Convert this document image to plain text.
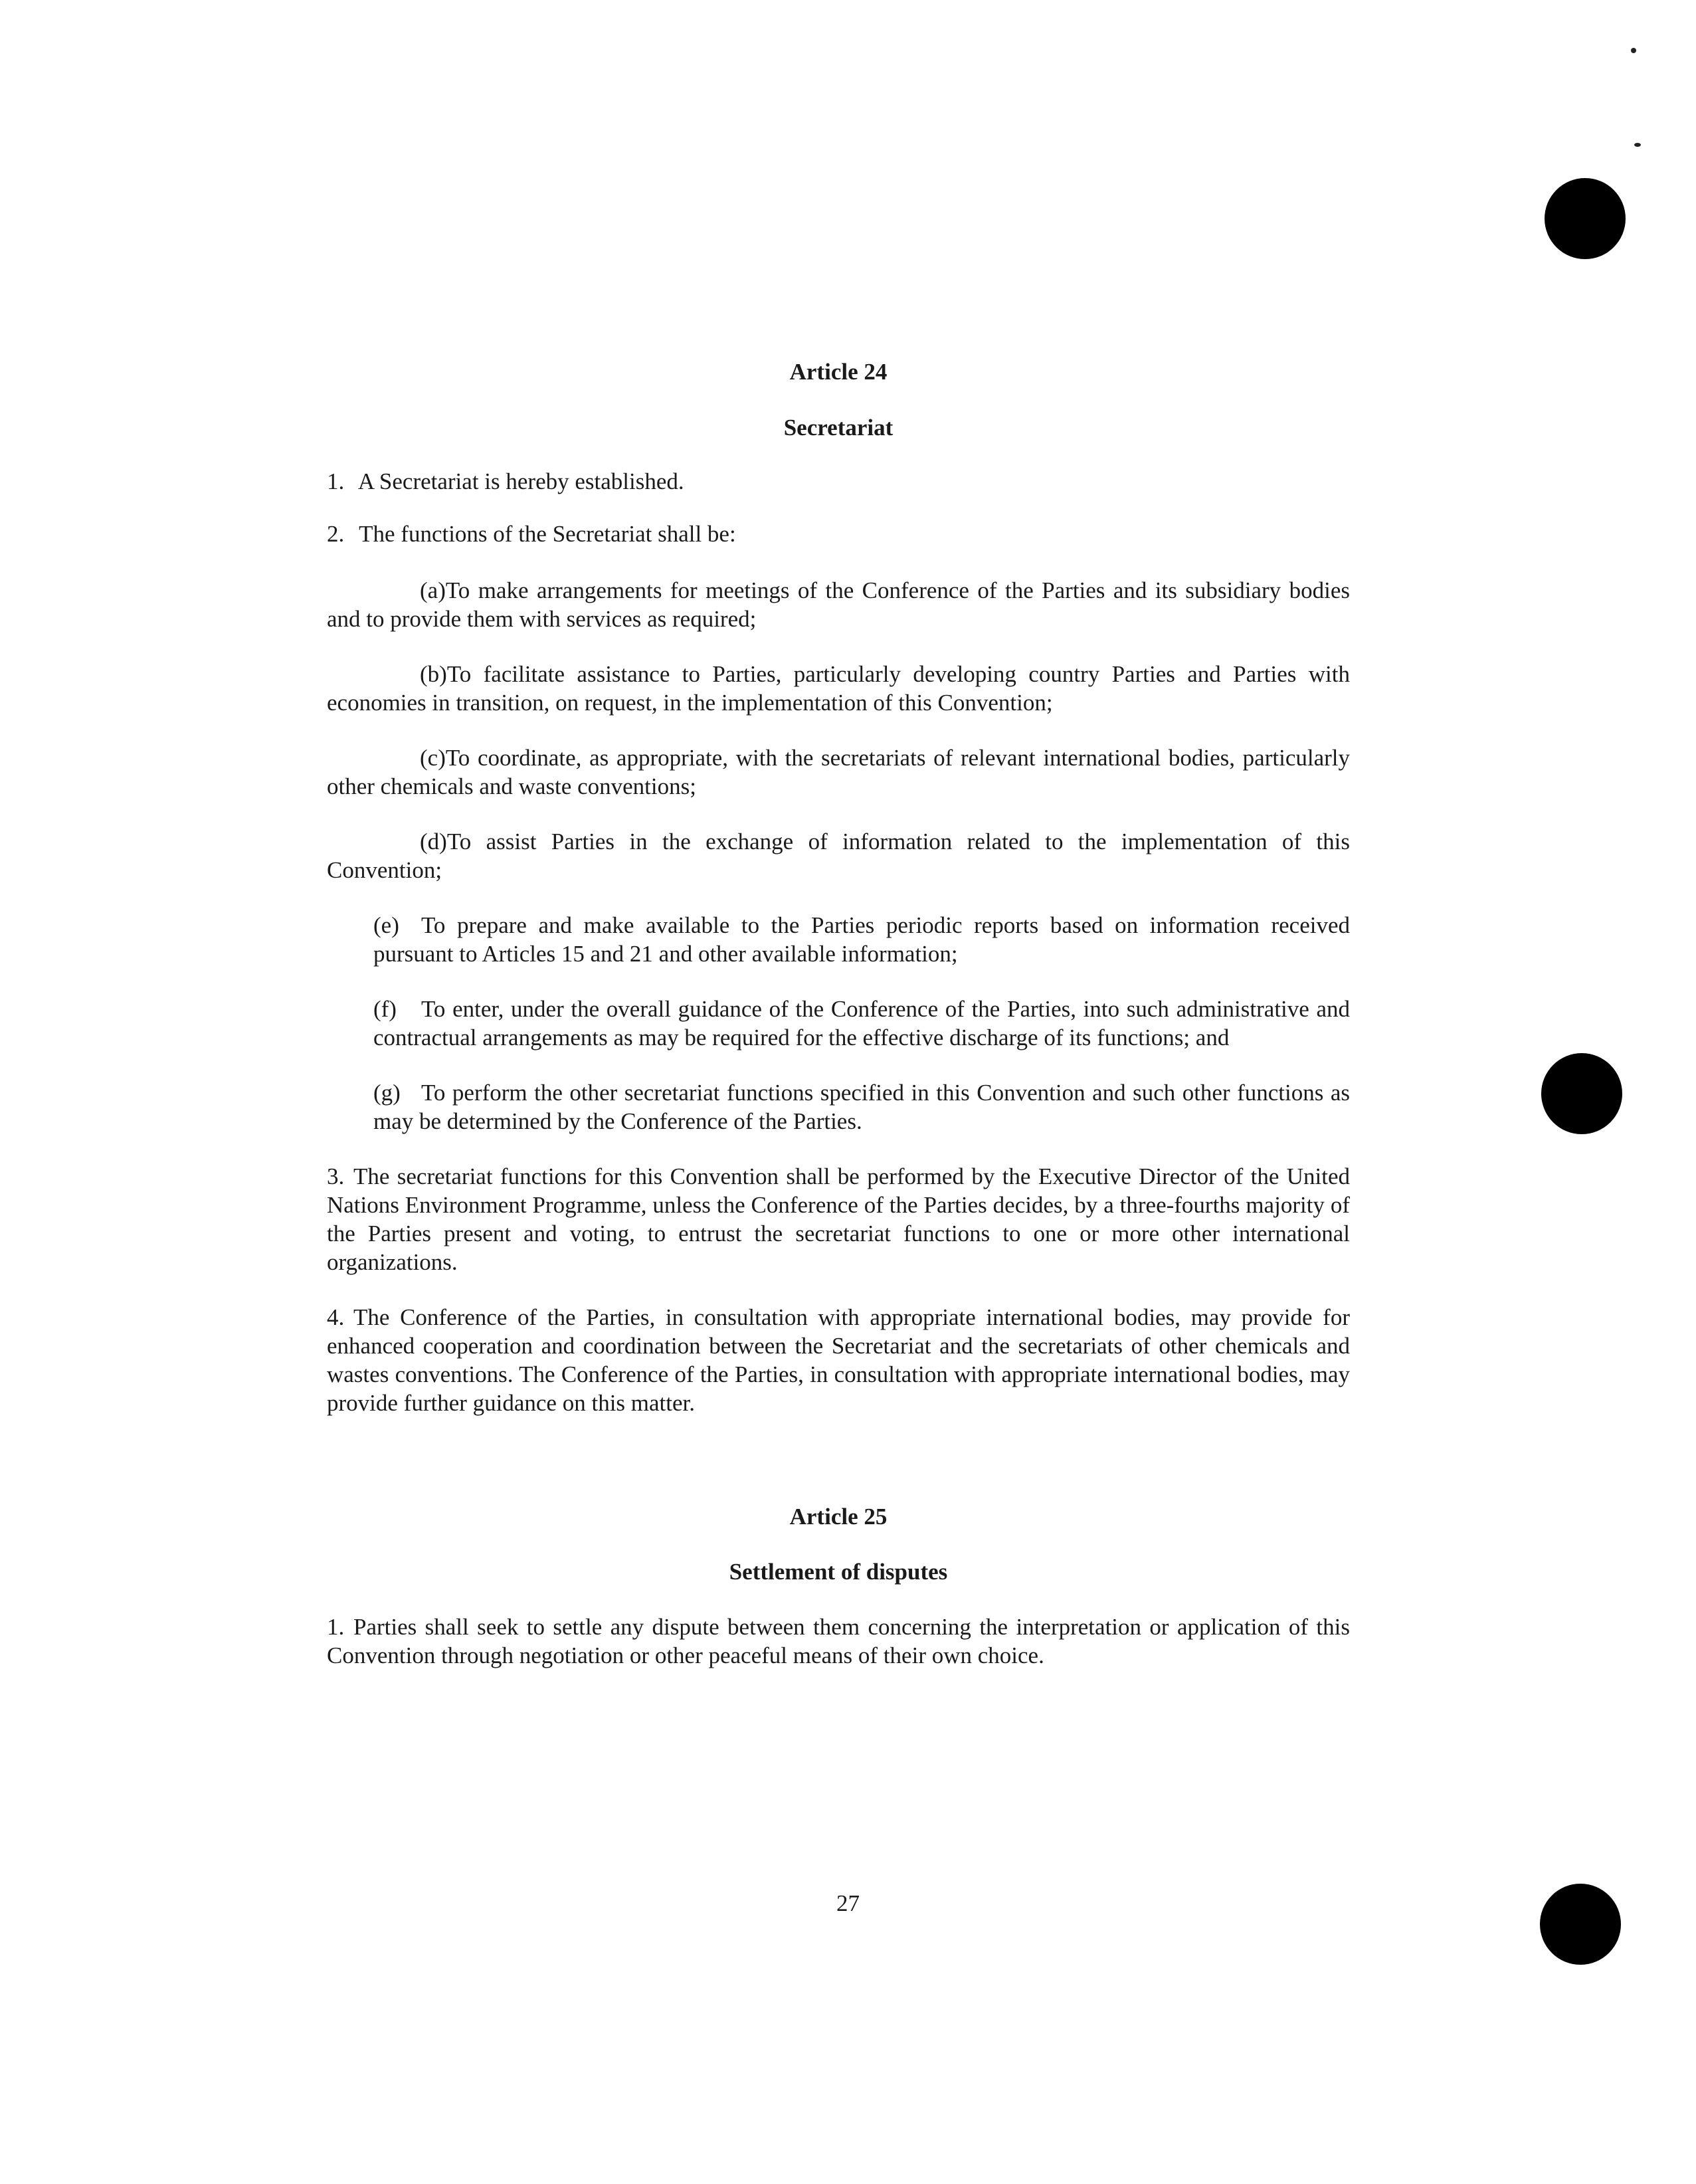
Article 24

Secretariat

1. A Secretariat is hereby established.

2. The functions of the Secretariat shall be:

(a)To make arrangements for meetings of the Conference of the Parties and its subsidiary bodies and to provide them with services as required;

(b)To facilitate assistance to Parties, particularly developing country Parties and Parties with economies in transition, on request, in the implementation of this Convention;

(c)To coordinate, as appropriate, with the secretariats of relevant international bodies, particularly other chemicals and waste conventions;

(d)To assist Parties in the exchange of information related to the implementation of this Convention;

(e) To prepare and make available to the Parties periodic reports based on information received pursuant to Articles 15 and 21 and other available information;

(f) To enter, under the overall guidance of the Conference of the Parties, into such administrative and contractual arrangements as may be required for the effective discharge of its functions; and

(g) To perform the other secretariat functions specified in this Convention and such other functions as may be determined by the Conference of the Parties.

3. The secretariat functions for this Convention shall be performed by the Executive Director of the United Nations Environment Programme, unless the Conference of the Parties decides, by a three-fourths majority of the Parties present and voting, to entrust the secretariat functions to one or more other international organizations.

4. The Conference of the Parties, in consultation with appropriate international bodies, may provide for enhanced cooperation and coordination between the Secretariat and the secretariats of other chemicals and wastes conventions. The Conference of the Parties, in consultation with appropriate international bodies, may provide further guidance on this matter.

Article 25

Settlement of disputes

1. Parties shall seek to settle any dispute between them concerning the interpretation or application of this Convention through negotiation or other peaceful means of their own choice.

27
